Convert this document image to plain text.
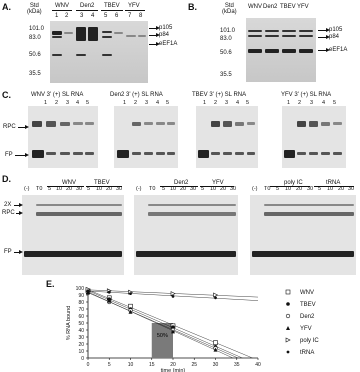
A.	Std
(kDa)
WNV Den2 TBEV YFV
1 2 3 4 5 6 7 8
101.0
83.0
50.6
35.5
p105
p84
eEF1A
B.	Std
(kDa)
WNV Den2 TBEV YFV
101.0
83.0
50.6
35.5
p105
p84
eEF1A
C.	WNV 3' (+) SL RNA
1 2 3 4 5
RPC
FP
Den2 3' (+) SL RNA
1 2 3 4 5
TBEV 3' (+) SL RNA
1 2 3 4 5
YFV 3' (+) SL RNA
1 2 3 4 5
D.	WNV	TBEV
(-) T0 5 10 20 30 5 10 20 30
2X
RPC
FP
Den2	YFV
(-) T0 5 10 20 30 5 10 20 30
poly IC	tRNA
(-) T0 5 10 20 30 5 10 20 30
E.
50%
0
10
20
30
40
50
60
70
80
90
100
0	5	10	15	20	25	30	35	40
time (min)
% RNA bound
WNV
TBEV
Den2
YFV
poly IC
tRNA
